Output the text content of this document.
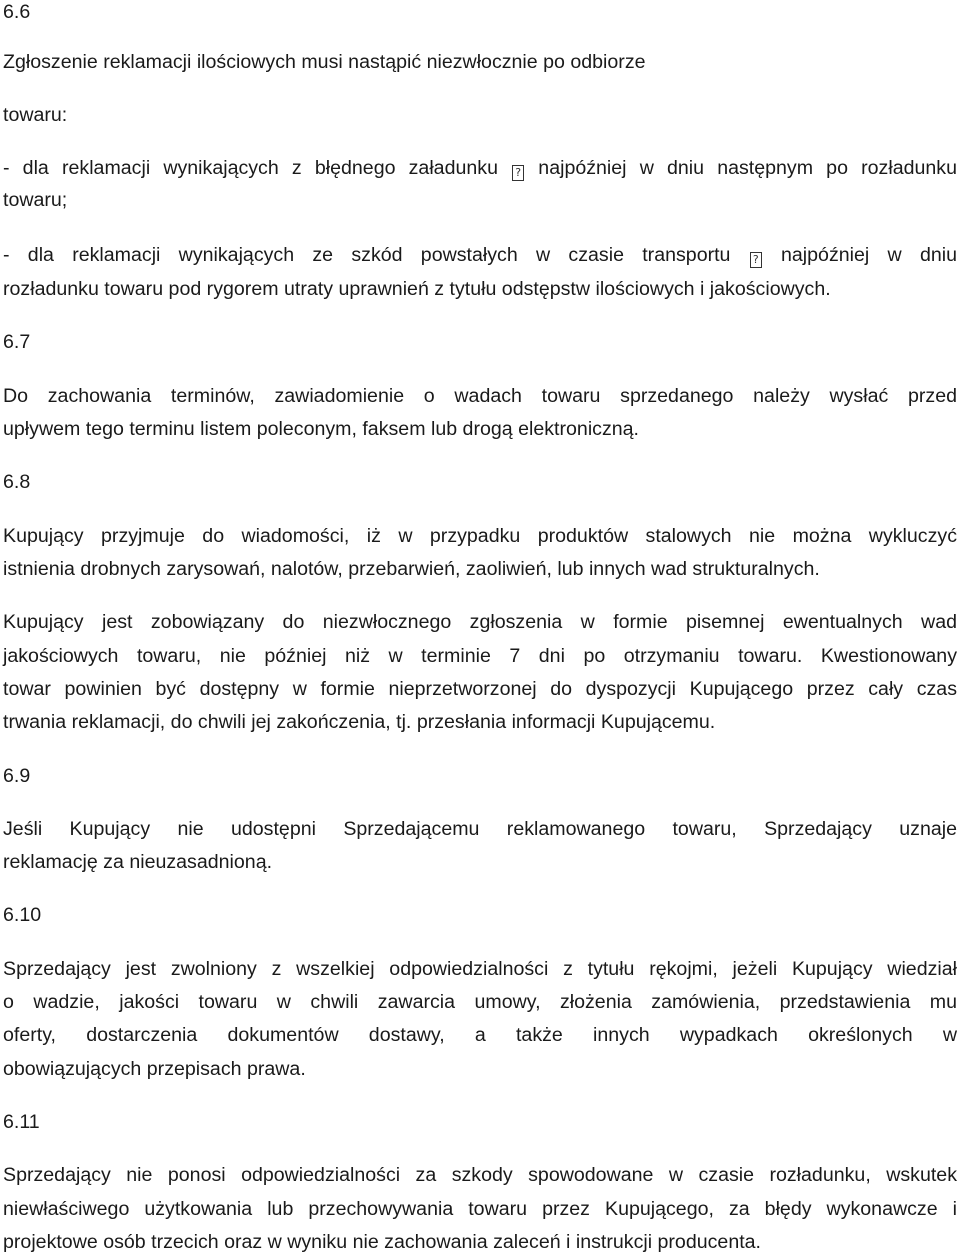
6.6
Zgłoszenie reklamacji ilościowych musi nastąpić niezwłocznie po odbiorze
towaru:
- dla reklamacji wynikających z błędnego załadunku ? najpóźniej w dniu następnym po rozładunku
towaru;
- dla reklamacji wynikających ze szkód powstałych w czasie transportu ? najpóźniej w dniu
rozładunku towaru pod rygorem utraty uprawnień z tytułu odstępstw ilościowych i jakościowych.
6.7
Do zachowania terminów, zawiadomienie o wadach towaru sprzedanego należy wysłać przed
upływem tego terminu listem poleconym, faksem lub drogą elektroniczną.
6.8
Kupujący przyjmuje do wiadomości, iż w przypadku produktów stalowych nie można wykluczyć
istnienia drobnych zarysowań, nalotów, przebarwień, zaoliwień, lub innych wad strukturalnych.
Kupujący jest zobowiązany do niezwłocznego zgłoszenia w formie pisemnej ewentualnych wad
jakościowych towaru, nie później niż w terminie 7 dni po otrzymaniu towaru. Kwestionowany
towar powinien być dostępny w formie nieprzetworzonej do dyspozycji Kupującego przez cały czas
trwania reklamacji, do chwili jej zakończenia, tj. przesłania informacji Kupującemu.
6.9
Jeśli Kupujący nie udostępni Sprzedającemu reklamowanego towaru, Sprzedający uznaje
reklamację za nieuzasadnioną.
6.10
Sprzedający jest zwolniony z wszelkiej odpowiedzialności z tytułu rękojmi, jeżeli Kupujący wiedział
o wadzie, jakości towaru w chwili zawarcia umowy, złożenia zamówienia, przedstawienia mu
oferty, dostarczenia dokumentów dostawy, a także innych wypadkach określonych w
obowiązujących przepisach prawa.
6.11
Sprzedający nie ponosi odpowiedzialności za szkody spowodowane w czasie rozładunku, wskutek
niewłaściwego użytkowania lub przechowywania towaru przez Kupującego, za błędy wykonawcze i
projektowe osób trzecich oraz w wyniku nie zachowania zaleceń i instrukcji producenta.
